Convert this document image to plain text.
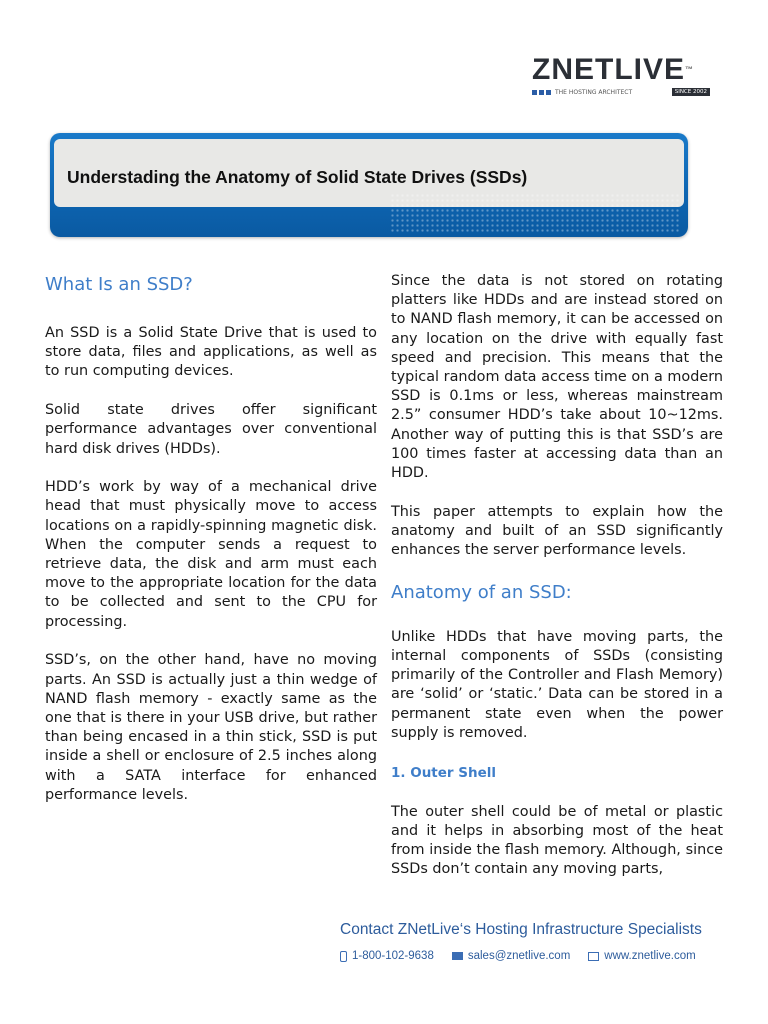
ZNETLIVE™
THE HOSTING ARCHITECT	SINCE 2002
Understading the Anatomy of Solid State Drives (SSDs)
What Is an SSD?

An SSD is a Solid State Drive that is used to store data, files and applications, as well as to run computing devices.

Solid state drives offer significant performance advantages over conventional hard disk drives (HDDs).

HDD’s work by way of a mechanical drive head that must physically move to access locations on a rapidly-spinning magnetic disk. When the computer sends a request to retrieve data, the disk and arm must each move to the appropriate location for the data to be collected and sent to the CPU for processing.

SSD’s, on the other hand, have no moving parts. An SSD is actually just a thin wedge of NAND flash memory - exactly same as the one that is there in your USB drive, but rather than being encased in a thin stick, SSD is put inside a shell or enclosure of 2.5 inches along with a SATA interface for enhanced performance levels.

Since the data is not stored on rotating platters like HDDs and are instead stored on to NAND flash memory, it can be accessed on any location on the drive with equally fast speed and precision. This means that the typical random data access time on a modern SSD is 0.1ms or less, whereas mainstream 2.5” consumer HDD’s take about 10~12ms. Another way of putting this is that SSD’s are 100 times faster at accessing data than an HDD.

This paper attempts to explain how the anatomy and built of an SSD significantly enhances the server performance levels.

Anatomy of an SSD:

Unlike HDDs that have moving parts, the internal components of SSDs (consisting primarily of the Controller and Flash Memory) are ‘solid’ or ‘static.’ Data can be stored in a permanent state even when the power supply is removed.

1. Outer Shell

The outer shell could be of metal or plastic and it helps in absorbing most of the heat from inside the flash memory. Although, since SSDs don’t contain any moving parts,

Contact ZNetLive‘s Hosting Infrastructure Specialists
1-800-102-9638	sales@znetlive.com	www.znetlive.com
